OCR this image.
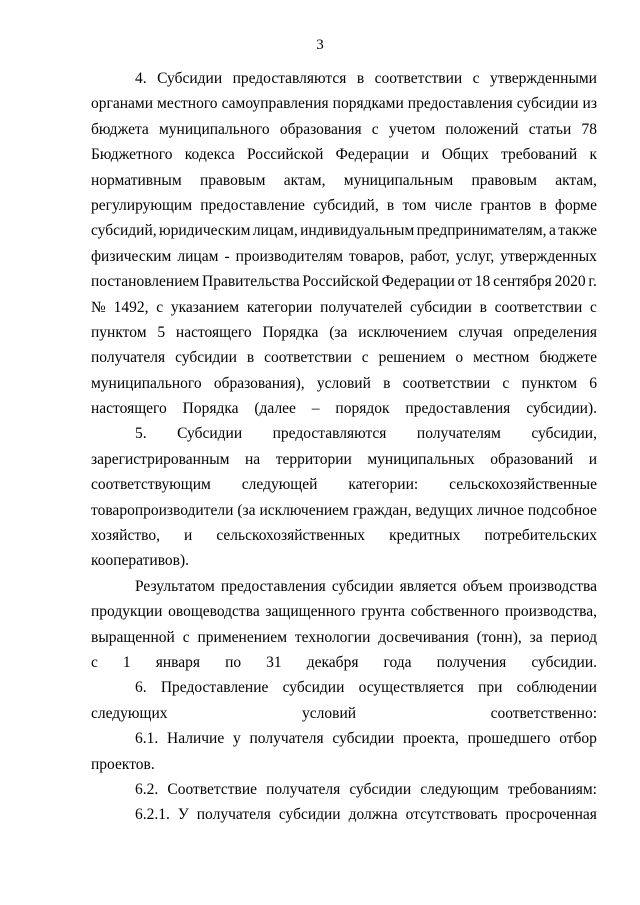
3
4. Субсидии предоставляются в соответствии с утвержденными
органами местного самоуправления порядками предоставления субсидии из
бюджета муниципального образования с учетом положений статьи 78
Бюджетного кодекса Российской Федерации и Общих требований к
нормативным правовым актам, муниципальным правовым актам,
регулирующим предоставление субсидий, в том числе грантов в форме
субсидий, юридическим лицам, индивидуальным предпринимателям, а также
физическим лицам - производителям товаров, работ, услуг, утвержденных
постановлением Правительства Российской Федерации от 18 сентября 2020 г.
№ 1492, с указанием категории получателей субсидии в соответствии с
пунктом 5 настоящего Порядка (за исключением случая определения
получателя субсидии в соответствии с решением о местном бюджете
муниципального образования), условий в соответствии с пунктом 6
настоящего Порядка (далее – порядок предоставления субсидии).
5. Субсидии предоставляются получателям субсидии,
зарегистрированным на территории муниципальных образований и
соответствующим следующей категории: сельскохозяйственные
товаропроизводители (за исключением граждан, ведущих личное подсобное
хозяйство, и сельскохозяйственных кредитных потребительских
кооперативов).
Результатом предоставления субсидии является объем производства
продукции овощеводства защищенного грунта собственного производства,
выращенной с применением технологии досвечивания (тонн), за период
с 1 января по 31 декабря года получения субсидии.
6. Предоставление субсидии осуществляется при соблюдении
следующих условий соответственно:
6.1. Наличие у получателя субсидии проекта, прошедшего отбор
проектов.
6.2. Соответствие получателя субсидии следующим требованиям:
6.2.1. У получателя субсидии должна отсутствовать просроченная
